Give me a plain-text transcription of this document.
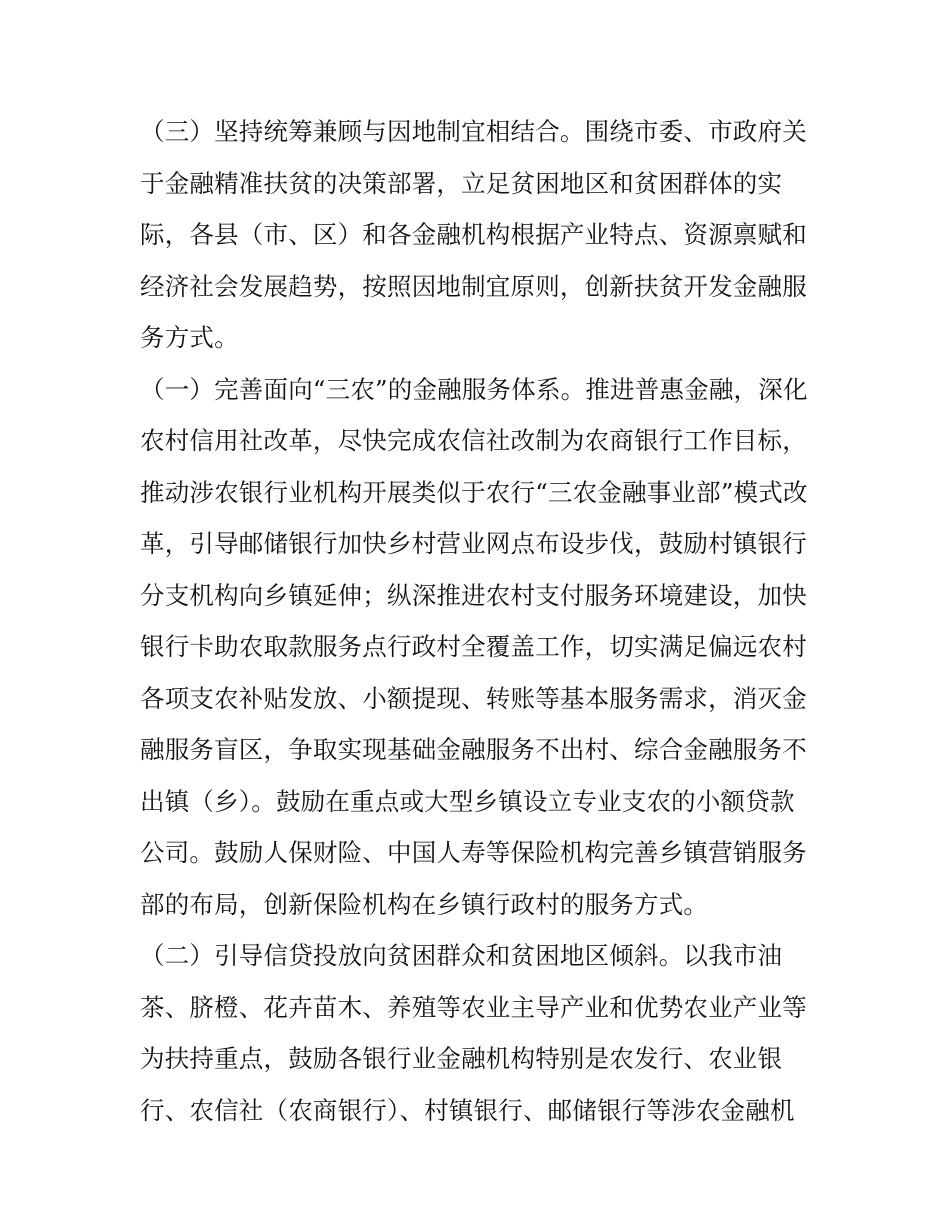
（三）坚持统筹兼顾与因地制宜相结合。围绕市委、市政府关
于金融精准扶贫的决策部署，立足贫困地区和贫困群体的实
际，各县（市、区）和各金融机构根据产业特点、资源禀赋和
经济社会发展趋势，按照因地制宜原则，创新扶贫开发金融服
务方式。
（一）完善面向“三农”的金融服务体系。推进普惠金融，深化
农村信用社改革，尽快完成农信社改制为农商银行工作目标，
推动涉农银行业机构开展类似于农行“三农金融事业部”模式改
革，引导邮储银行加快乡村营业网点布设步伐，鼓励村镇银行
分支机构向乡镇延伸；纵深推进农村支付服务环境建设，加快
银行卡助农取款服务点行政村全覆盖工作，切实满足偏远农村
各项支农补贴发放、小额提现、转账等基本服务需求，消灭金
融服务盲区，争取实现基础金融服务不出村、综合金融服务不
出镇（乡）。鼓励在重点或大型乡镇设立专业支农的小额贷款
公司。鼓励人保财险、中国人寿等保险机构完善乡镇营销服务
部的布局，创新保险机构在乡镇行政村的服务方式。
（二）引导信贷投放向贫困群众和贫困地区倾斜。以我市油
茶、脐橙、花卉苗木、养殖等农业主导产业和优势农业产业等
为扶持重点，鼓励各银行业金融机构特别是农发行、农业银
行、农信社（农商银行）、村镇银行、邮储银行等涉农金融机
